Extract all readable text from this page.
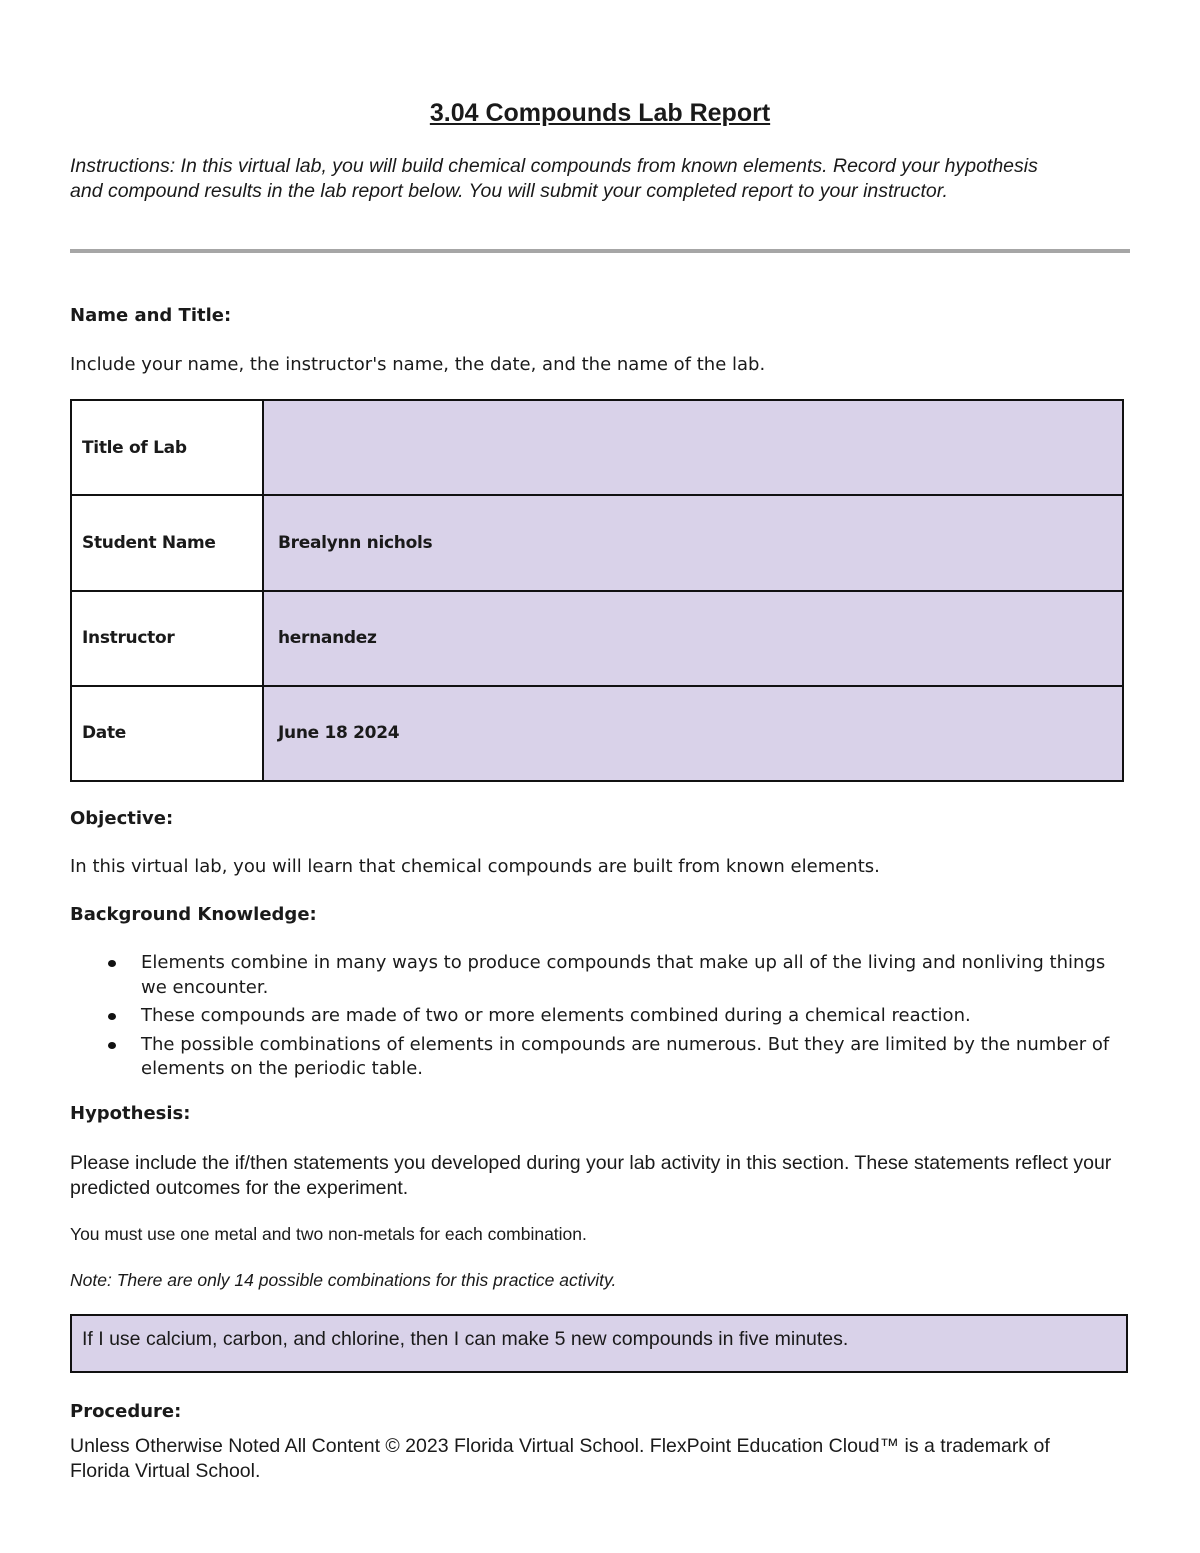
3.04 Compounds Lab Report

Instructions: In this virtual lab, you will build chemical compounds from known elements. Record your hypothesis and compound results in the lab report below. You will submit your completed report to your instructor.

Name and Title:

Include your name, the instructor's name, the date, and the name of the lab.

Title of Lab	
Student Name	Brealynn nichols
Instructor	hernandez
Date	June 18 2024

Objective:

In this virtual lab, you will learn that chemical compounds are built from known elements.

Background Knowledge:

Elements combine in many ways to produce compounds that make up all of the living and nonliving things we encounter.
These compounds are made of two or more elements combined during a chemical reaction.
The possible combinations of elements in compounds are numerous. But they are limited by the number of elements on the periodic table.

Hypothesis:

Please include the if/then statements you developed during your lab activity in this section. These statements reflect your predicted outcomes for the experiment.

You must use one metal and two non-metals for each combination.

Note: There are only 14 possible combinations for this practice activity.

If I use calcium, carbon, and chlorine, then I can make 5 new compounds in five minutes.

Procedure:

Unless Otherwise Noted All Content © 2023 Florida Virtual School. FlexPoint Education Cloud™ is a trademark of Florida Virtual School.
